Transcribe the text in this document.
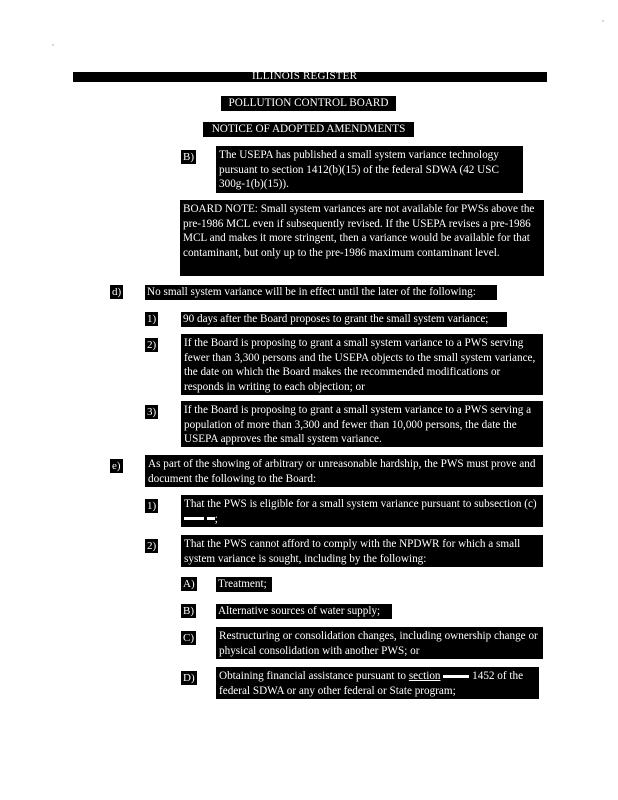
ILLINOIS REGISTER
POLLUTION CONTROL BOARD
NOTICE OF ADOPTED AMENDMENTS
B) The USEPA has published a small system variance technology pursuant to section 1412(b)(15) of the federal SDWA (42 USC 300g-1(b)(15)).
BOARD NOTE: Small system variances are not available for PWSs above the pre-1986 MCL even if subsequently revised. If the USEPA revises a pre-1986 MCL and makes it more stringent, then a variance would be available for that contaminant, but only up to the pre-1986 maximum contaminant level.
d) No small system variance will be in effect until the later of the following:
1) 90 days after the Board proposes to grant the small system variance;
2) If the Board is proposing to grant a small system variance to a PWS serving fewer than 3,300 persons and the USEPA objects to the small system variance, the date on which the Board makes the recommended modifications or responds in writing to each objection; or
3) If the Board is proposing to grant a small system variance to a PWS serving a population of more than 3,300 and fewer than 10,000 persons, the date the USEPA approves the small system variance.
e) As part of the showing of arbitrary or unreasonable hardship, the PWS must prove and document the following to the Board:
1) That the PWS is eligible for a small system variance pursuant to subsection (c)  ;
2) That the PWS cannot afford to comply with the NPDWR for which a small system variance is sought, including by the following:
A) Treatment;
B) Alternative sources of water supply;
C) Restructuring or consolidation changes, including ownership change or physical consolidation with another PWS; or
D) Obtaining financial assistance pursuant to section	1452 of the federal SDWA or any other federal or State program;
